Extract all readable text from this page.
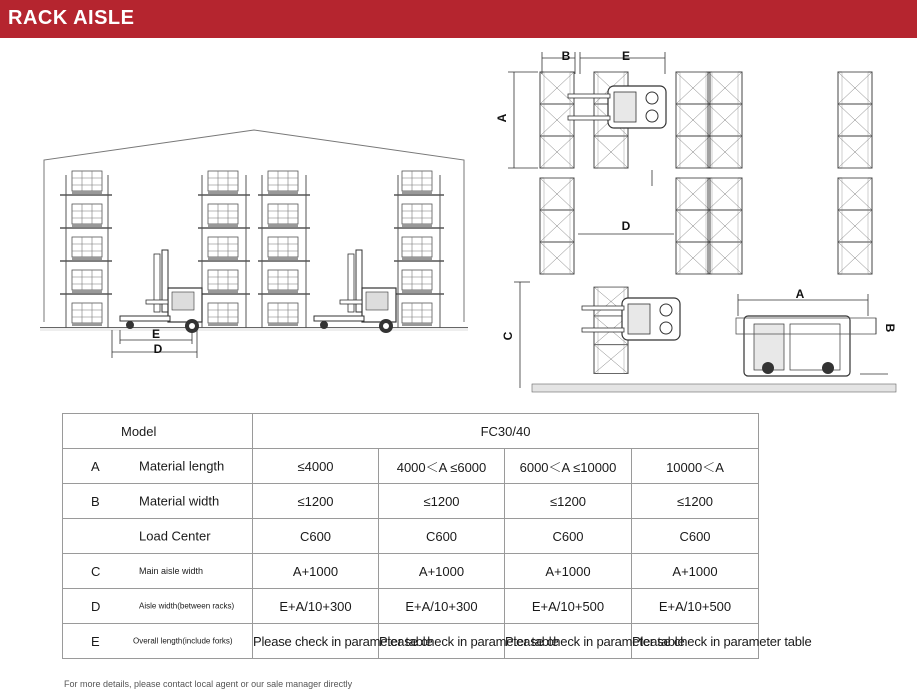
RACK AISLE
E
D
B	E
A
D
C
A
B
Model	FC30/40			
A Material length	≤4000	4000＜A ≤6000	6000＜A ≤10000	10000＜A
B Material width	≤1200	≤1200	≤1200	≤1200

Load Center	C600	C600	C600	C600
C Main aisle width	A+1000	A+1000	A+1000	A+1000
D Aisle width(between racks)	E+A/10+300	E+A/10+300	E+A/10+500	E+A/10+500
E Overall length(include forks)	Please check in parameter table	Please check in parameter table	Please check in parameter table	Please check in parameter table
For more details, please contact local agent or our sale manager directly
